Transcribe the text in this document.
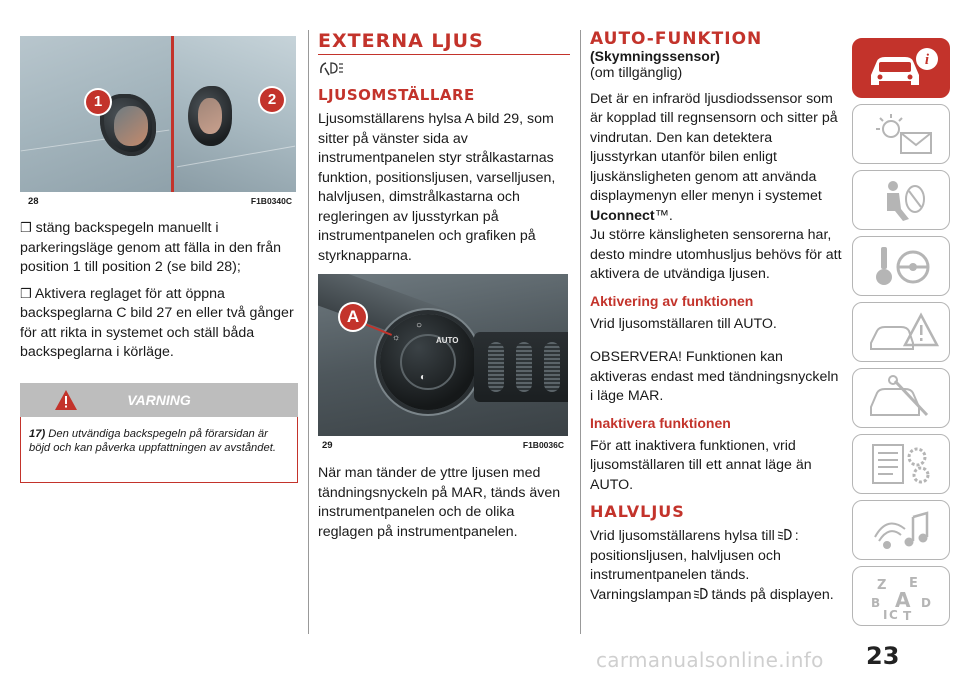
1	2
28	F1B0340C

❒ stäng backspegeln manuellt i parkeringsläge genom att fälla in den från position 1 till position 2 (se bild 28);

❒ Aktivera reglaget för att öppna backspeglarna C bild 27 en eller två gånger för att rikta in systemet och ställ båda backspeglarna i körläge.

VARNING
17) Den utvändiga backspegeln på förarsidan är böjd och kan påverka uppfattningen av avståndet.
EXTERNA LJUS
LJUSOMSTÄLLARE

Ljusomställarens hylsa A bild 29, som sitter på vänster sida av instrumentpanelen styr strålkastarnas funktion, positionsljusen, varselljusen, halvljusen, dimstrålkastarna och regleringen av ljusstyrkan på instrumentpanelen och grafiken på styrknapparna.

AUTO
○
☼
◐
A
29	F1B0036C

När man tänder de yttre ljusen med tändningsnyckeln på MAR, tänds även instrumentpanelen och de olika reglagen på instrumentpanelen.

AUTO-FUNKTION
(Skymningssensor)

(om tillgänglig)

Det är en infraröd ljusdiodssensor som är kopplad till regnsensorn och sitter på vindrutan. Den kan detektera ljusstyrkan utanför bilen enligt ljuskänsligheten genom att använda displaymenyn eller menyn i systemet

Uconnect™.

Ju större känsligheten sensorerna har, desto mindre utomhusljus behövs för att aktivera de utvändiga ljusen.

Aktivering av funktionen

Vrid ljusomställaren till AUTO.

OBSERVERA! Funktionen kan aktiveras endast med tändningsnyckeln i läge MAR.

Inaktivera funktionen

För att inaktivera funktionen, vrid ljusomställaren till ett annat läge än AUTO.

HALVLJUS

Vrid ljusomställarens hylsa till :

positionsljusen, halvljusen och instrumentpanelen tänds.

Varningslampan tänds på displayen.

i
Z E
B A D
I C T
carmanualsonline.info 23
